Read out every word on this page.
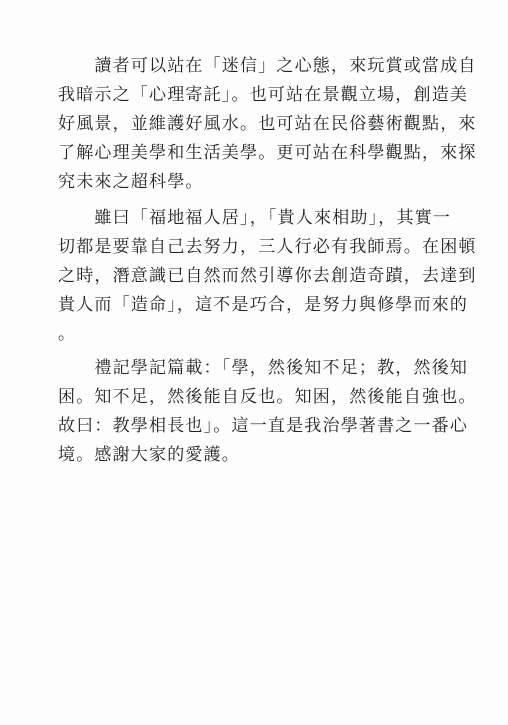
　　讀者可以站在「迷信」之心態，來玩賞或當成自
我暗示之「心理寄託」。也可站在景觀立場，創造美
好風景，並維護好風水。也可站在民俗藝術觀點，來
了解心理美學和生活美學。更可站在科學觀點，來探
究未來之超科學。
　　雖曰「福地福人居」，「貴人來相助」，其實一
切都是要靠自己去努力，三人行必有我師焉。在困頓
之時，潛意識已自然而然引導你去創造奇蹟，去達到
貴人而「造命」，這不是巧合，是努力與修學而來的
。
　　禮記學記篇載：「學，然後知不足；教，然後知
困。知不足，然後能自反也。知困，然後能自強也。
故曰：教學相長也」。這一直是我治學著書之一番心
境。感謝大家的愛護。
